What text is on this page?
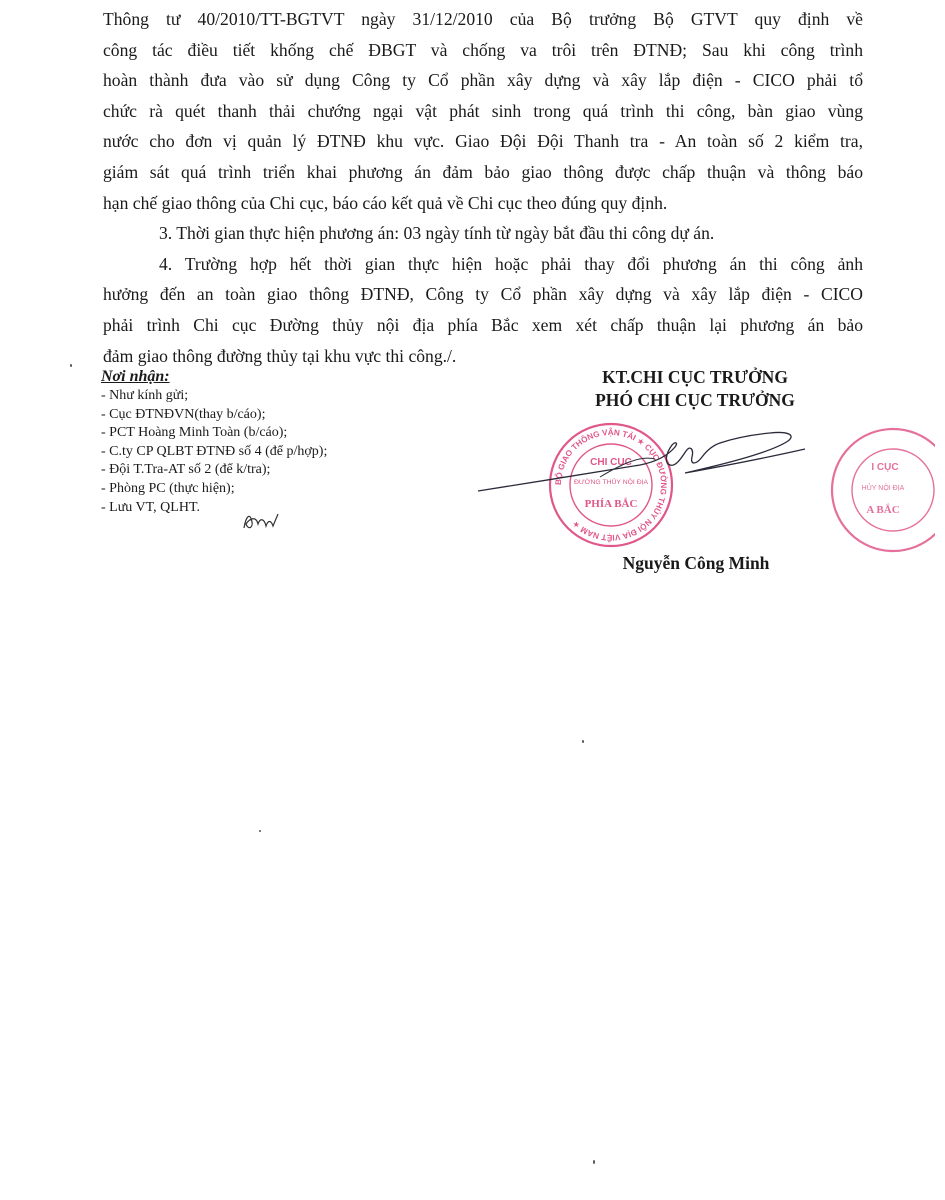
Thông tư 40/2010/TT-BGTVT ngày 31/12/2010 của Bộ trưởng Bộ GTVT quy định về
công tác điều tiết khống chế ĐBGT và chống va trôi trên ĐTNĐ; Sau khi công trình
hoàn thành đưa vào sử dụng Công ty Cổ phần xây dựng và xây lắp điện - CICO phải tổ
chức rà quét thanh thải chướng ngại vật phát sinh trong quá trình thi công, bàn giao vùng
nước cho đơn vị quản lý ĐTNĐ khu vực. Giao Đội Đội Thanh tra - An toàn số 2 kiểm tra,
giám sát quá trình triển khai phương án đảm bảo giao thông được chấp thuận và thông báo
hạn chế giao thông của Chi cục, báo cáo kết quả về Chi cục theo đúng quy định.
3. Thời gian thực hiện phương án: 03 ngày tính từ ngày bắt đầu thi công dự án.
4. Trường hợp hết thời gian thực hiện hoặc phải thay đổi phương án thi công ảnh
hưởng đến an toàn giao thông ĐTNĐ, Công ty Cổ phần xây dựng và xây lắp điện - CICO
phải trình Chi cục Đường thủy nội địa phía Bắc xem xét chấp thuận lại phương án bảo
đảm giao thông đường thủy tại khu vực thi công./.
Nơi nhận:
- Như kính gửi;
- Cục ĐTNĐVN(thay b/cáo);
- PCT Hoàng Minh Toàn (b/cáo);
- C.ty CP QLBT ĐTNĐ số 4 (để p/hợp);
- Đội T.Tra-AT số 2 (để k/tra);
- Phòng PC (thực hiện);
- Lưu VT, QLHT.
KT.CHI CỤC TRƯỞNG
PHÓ CHI CỤC TRƯỞNG
BỘ GIAO THÔNG VẬN TẢI ★ CỤC ĐƯỜNG THỦY NỘI ĐỊA VIỆT NAM ★
CHI CỤC
ĐƯỜNG THỦY NỘI ĐỊA
PHÍA BẮC
I CỤC
HỦY NỘI ĐỊA
A BẮC
Nguyễn Công Minh
